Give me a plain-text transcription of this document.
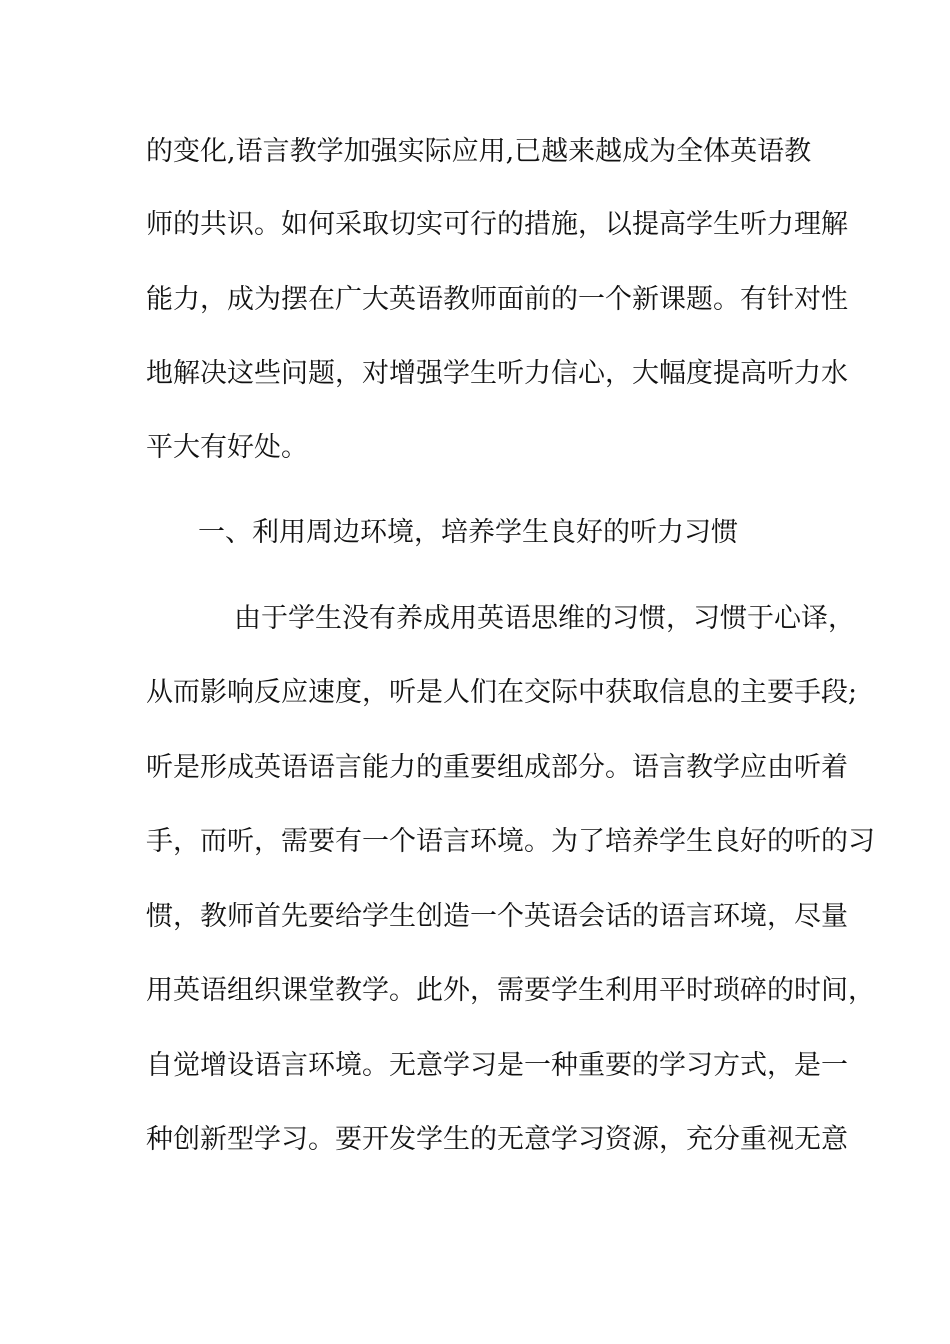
的变化,语言教学加强实际应用,已越来越成为全体英语教
师的共识。如何采取切实可行的措施，以提高学生听力理解
能力，成为摆在广大英语教师面前的一个新课题。有针对性
地解决这些问题，对增强学生听力信心，大幅度提高听力水
平大有好处。
一、利用周边环境，培养学生良好的听力习惯
由于学生没有养成用英语思维的习惯，习惯于心译，
从而影响反应速度，听是人们在交际中获取信息的主要手段;
听是形成英语语言能力的重要组成部分。语言教学应由听着
手，而听，需要有一个语言环境。为了培养学生良好的听的习
惯，教师首先要给学生创造一个英语会话的语言环境，尽量
用英语组织课堂教学。此外，需要学生利用平时琐碎的时间，
自觉增设语言环境。无意学习是一种重要的学习方式，是一
种创新型学习。要开发学生的无意学习资源，充分重视无意
